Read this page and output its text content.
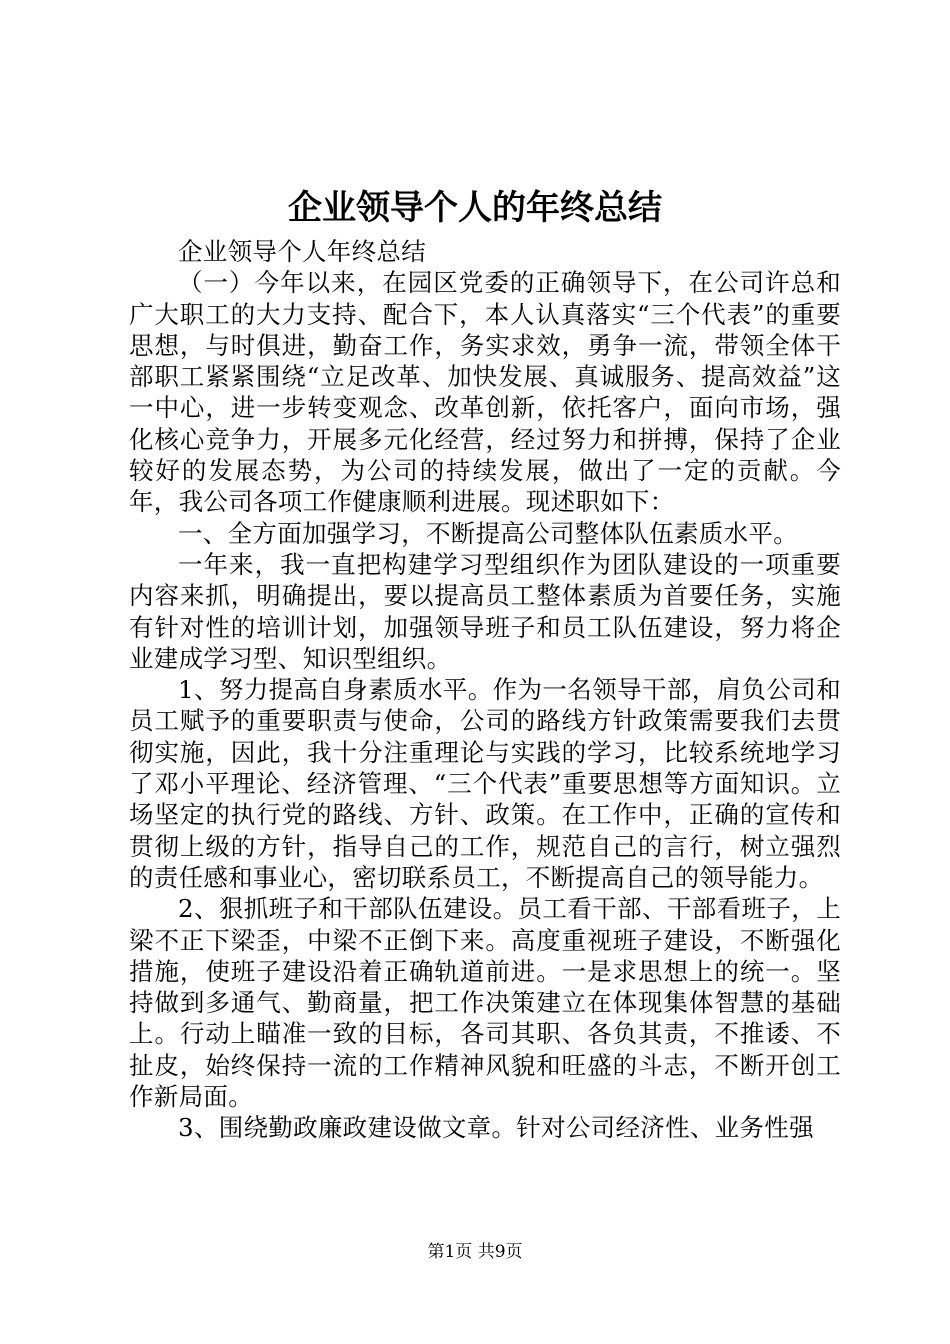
企业领导个人的年终总结

企业领导个人年终总结

（一）今年以来，在园区党委的正确领导下，在公司许总和广大职工的大力支持、配合下，本人认真落实“三个代表”的重要思想，与时俱进，勤奋工作，务实求效，勇争一流，带领全体干部职工紧紧围绕“立足改革、加快发展、真诚服务、提高效益”这一中心，进一步转变观念、改革创新，依托客户，面向市场，强化核心竞争力，开展多元化经营，经过努力和拼搏，保持了企业较好的发展态势，为公司的持续发展，做出了一定的贡献。今年，我公司各项工作健康顺利进展。现述职如下：

一、全方面加强学习，不断提高公司整体队伍素质水平。

一年来，我一直把构建学习型组织作为团队建设的一项重要内容来抓，明确提出，要以提高员工整体素质为首要任务，实施有针对性的培训计划，加强领导班子和员工队伍建设，努力将企业建成学习型、知识型组织。

1、努力提高自身素质水平。作为一名领导干部，肩负公司和员工赋予的重要职责与使命，公司的路线方针政策需要我们去贯彻实施，因此，我十分注重理论与实践的学习，比较系统地学习了邓小平理论、经济管理、“三个代表”重要思想等方面知识。立场坚定的执行党的路线、方针、政策。在工作中，正确的宣传和贯彻上级的方针，指导自己的工作，规范自己的言行，树立强烈的责任感和事业心，密切联系员工，不断提高自己的领导能力。

2、狠抓班子和干部队伍建设。员工看干部、干部看班子，上梁不正下梁歪，中梁不正倒下来。高度重视班子建设，不断强化措施，使班子建设沿着正确轨道前进。一是求思想上的统一。坚持做到多通气、勤商量，把工作决策建立在体现集体智慧的基础上。行动上瞄准一致的目标，各司其职、各负其责，不推诿、不扯皮，始终保持一流的工作精神风貌和旺盛的斗志，不断开创工作新局面。

3、围绕勤政廉政建设做文章。针对公司经济性、业务性强

第1页 共9页
